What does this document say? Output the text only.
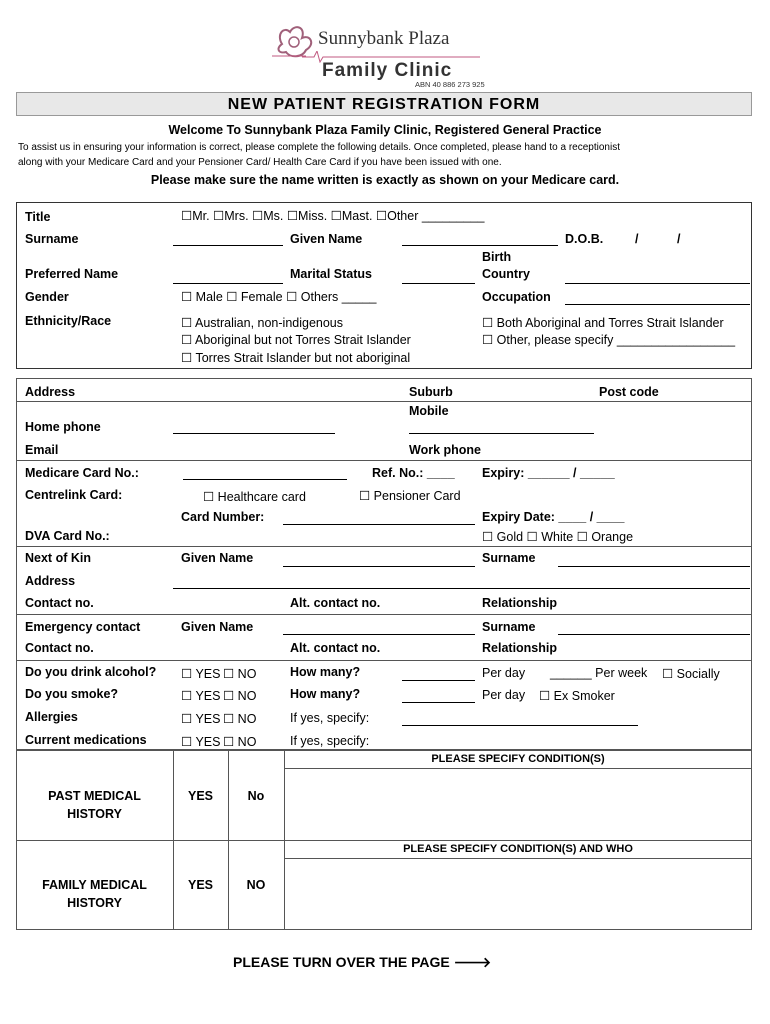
Sunnybank Plaza
Family Clinic
ABN 40 886 273 925
NEW PATIENT REGISTRATION FORM
Welcome To Sunnybank Plaza Family Clinic, Registered General Practice
To assist us in ensuring your information is correct, please complete the following details. Once completed, please hand to a receptionist
along with your Medicare Card and your Pensioner Card/ Health Care Card if you have been issued with one.
Please make sure the name written is exactly as shown on your Medicare card.
Title	☐Mr. ☐Mrs. ☐Ms. ☐Miss. ☐Mast. ☐Other _________
Surname	Given Name	D.O.B.	/	/
Birth
Preferred Name	Marital Status	Country
Gender	☐ Male ☐ Female ☐ Others _____	Occupation
Ethnicity/Race	☐ Australian, non-indigenous
☐ Aboriginal but not Torres Strait Islander
☐ Torres Strait Islander but not aboriginal
☐ Both Aboriginal and Torres Strait Islander
☐ Other, please specify _________________
Address	Suburb	Post code
Mobile
Home phone
Email	Work phone
Medicare Card No.:	Ref. No.: ____ Expiry: ______ / _____
Centrelink Card:	☐ Healthcare card	☐ Pensioner Card
Card Number:	Expiry Date: ____ / ____
DVA Card No.:	☐ Gold ☐ White ☐ Orange
Next of Kin	Given Name	Surname
Address
Contact no.	Alt. contact no.	Relationship
Emergency contact	Given Name	Surname
Contact no.	Alt. contact no.	Relationship
Do you drink alcohol? ☐ YES ☐ NO	How many?	Per day ______ Per week ☐ Socially
Do you smoke?	☐ YES ☐ NO	How many?	Per day ☐ Ex Smoker
Allergies	☐ YES ☐ NO	If yes, specify:
Current medications	☐ YES ☐ NO	If yes, specify:
PLEASE SPECIFY CONDITION(S)
PAST MEDICAL
HISTORY
YES	No
PLEASE SPECIFY CONDITION(S) AND WHO
FAMILY MEDICAL
HISTORY
YES	NO
PLEASE TURN OVER THE PAGE 🡒
